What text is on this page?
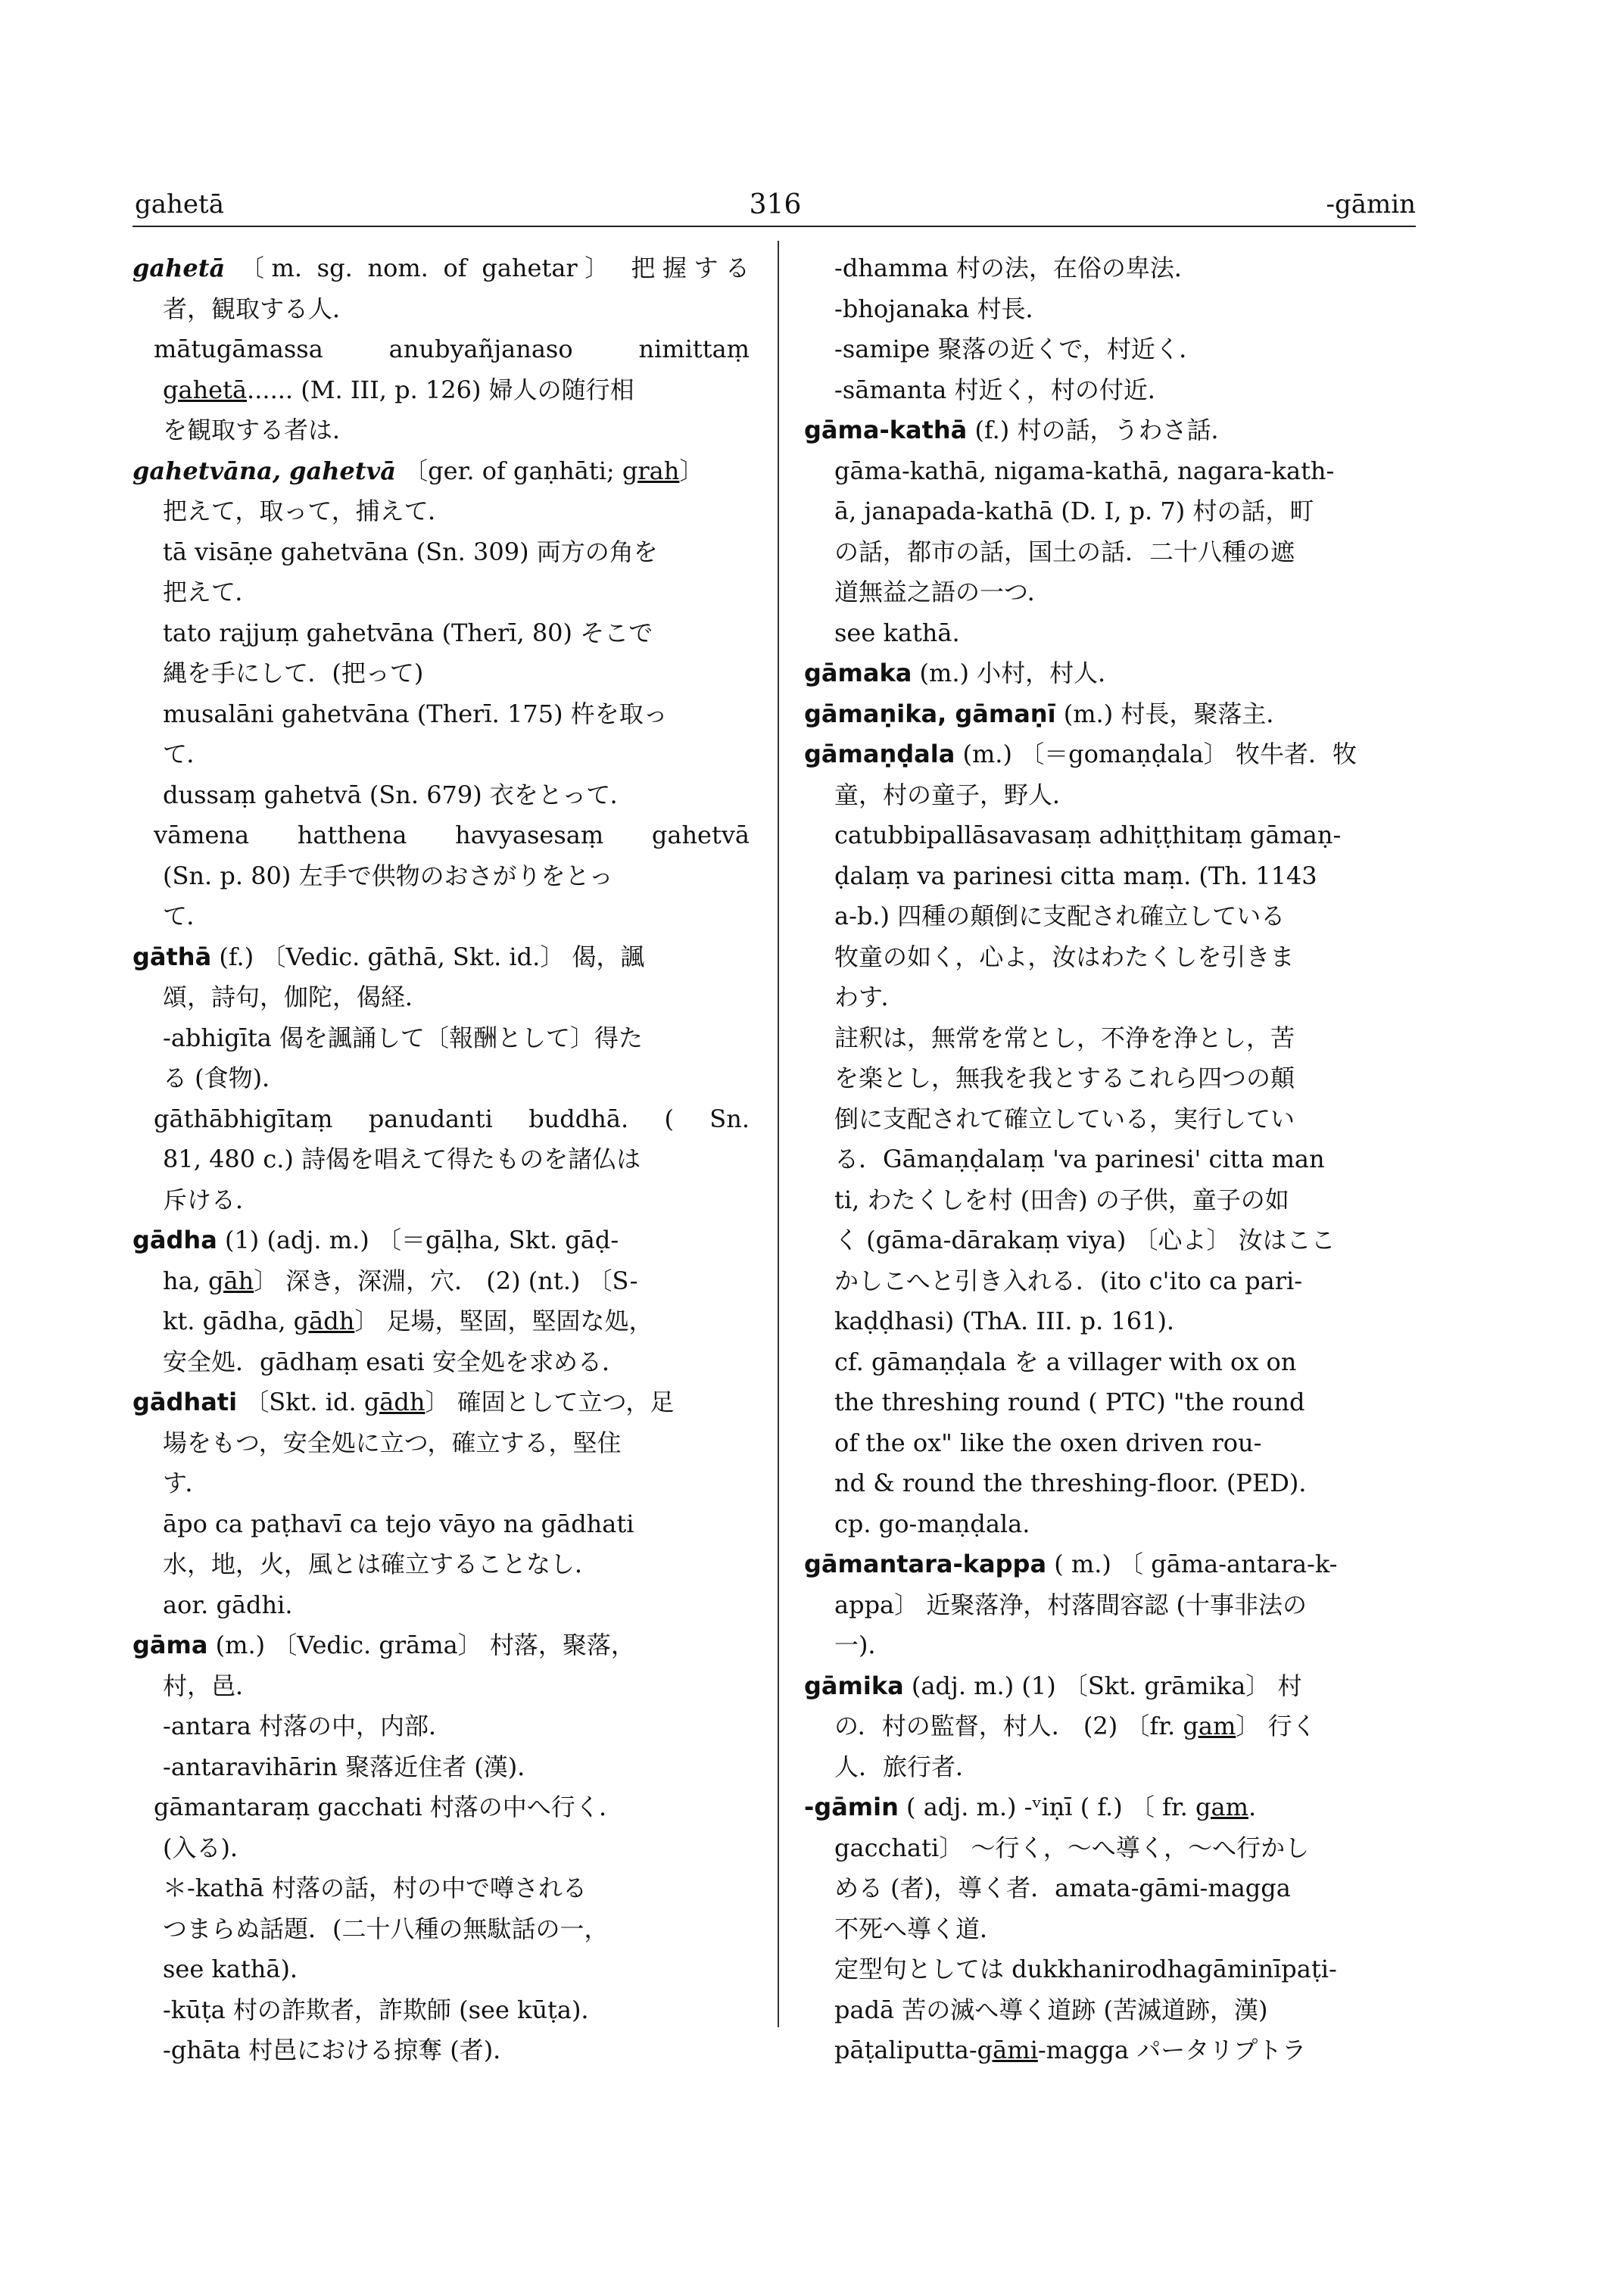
316
gahetā	-gāmin
gahetā 〔m. sg. nom. of gahetar〕 把握する
者，観取する人．
mātugāmassa anubyañjanaso nimittaṃ
gahetā...... (M. III, p. 126) 婦人の随行相
を観取する者は．
gahetvāna, gahetvā 〔ger. of gaṇhāti; grah〕
把えて，取って，捕えて．
tā visāṇe gahetvāna (Sn. 309) 両方の角を
把えて．
tato rajjuṃ gahetvāna (Therī, 80) そこで
縄を手にして．(把って)
musalāni gahetvāna (Therī. 175) 杵を取っ
て．
dussaṃ gahetvā (Sn. 679) 衣をとって．
vāmena hatthena havyasesaṃ gahetvā
(Sn. p. 80) 左手で供物のおさがりをとっ
て．
gāthā (f.) 〔Vedic. gāthā, Skt. id.〕 偈，諷
頌，詩句，伽陀，偈経．
-abhigīta 偈を諷誦して〔報酬として〕得た
る (食物)．
gāthābhigītaṃ panudanti buddhā. ( Sn.
81, 480 c.) 詩偈を唱えて得たものを諸仏は
斥ける．
gādha (1) (adj. m.) 〔＝gāḷha, Skt. gāḍ-
ha, gāh〕 深き，深淵，穴． (2) (nt.) 〔S-
kt. gādha, gādh〕 足場，堅固，堅固な処，
安全処．gādhaṃ esati 安全処を求める．
gādhati 〔Skt. id. gādh〕 確固として立つ，足
場をもつ，安全処に立つ，確立する，堅住
す．
āpo ca paṭhavī ca tejo vāyo na gādhati
水，地，火，風とは確立することなし．
aor. gādhi.
gāma (m.) 〔Vedic. grāma〕 村落，聚落，
村，邑．
-antara 村落の中，内部．
-antaravihārin 聚落近住者 (漢)．
gāmantaraṃ gacchati 村落の中へ行く．
(入る)．
＊-kathā 村落の話，村の中で噂される
つまらぬ話題．(二十八種の無駄話の一，
see kathā)．
-kūṭa 村の詐欺者，詐欺師 (see kūṭa)．
-ghāta 村邑における掠奪 (者)．
-dhamma 村の法，在俗の卑法．
-bhojanaka 村長．
-samipe 聚落の近くで，村近く．
-sāmanta 村近く，村の付近．
gāma-kathā (f.) 村の話，うわさ話．
gāma-kathā, nigama-kathā, nagara-kath-
ā, janapada-kathā (D. I, p. 7) 村の話，町
の話，都市の話，国土の話．二十八種の遮
道無益之語の一つ．
see kathā.
gāmaka (m.) 小村，村人．
gāmaṇika, gāmaṇī (m.) 村長，聚落主．
gāmaṇḍala (m.) 〔＝gomaṇḍala〕 牧牛者．牧
童，村の童子，野人．
catubbipallāsavasaṃ adhiṭṭhitaṃ gāmaṇ-
ḍalaṃ va parinesi citta maṃ. (Th. 1143
a-b.) 四種の顛倒に支配され確立している
牧童の如く，心よ，汝はわたくしを引きま
わす．
註釈は，無常を常とし，不浄を浄とし，苦
を楽とし，無我を我とするこれら四つの顛
倒に支配されて確立している，実行してい
る．Gāmaṇḍalaṃ 'va parinesi' citta man
ti, わたくしを村 (田舎) の子供，童子の如
く (gāma-dārakaṃ viya) 〔心よ〕 汝はここ
かしこへと引き入れる．(ito c'ito ca pari-
kaḍḍhasi) (ThA. III. p. 161)．
cf. gāmaṇḍala を a villager with ox on
the threshing round ( PTC) "the round
of the ox" like the oxen driven rou-
nd & round the threshing-floor. (PED)．
cp. go-maṇḍala.
gāmantara-kappa ( m.) 〔 gāma-antara-k-
appa〕 近聚落浄，村落間容認 (十事非法の
一)．
gāmika (adj. m.) (1) 〔Skt. grāmika〕 村
の．村の監督，村人． (2) 〔fr. gam〕 行く
人．旅行者．
-gāmin ( adj. m.) -ᵛiṇī ( f.) 〔 fr. gam.
gacchati〕 ～行く，～へ導く，～へ行かし
める (者)，導く者．amata-gāmi-magga
不死へ導く道．
定型句としては dukkhanirodhagāminīpaṭi-
padā 苦の滅へ導く道跡 (苦滅道跡，漢)
pāṭaliputta-gāmi-magga パータリプトラ
